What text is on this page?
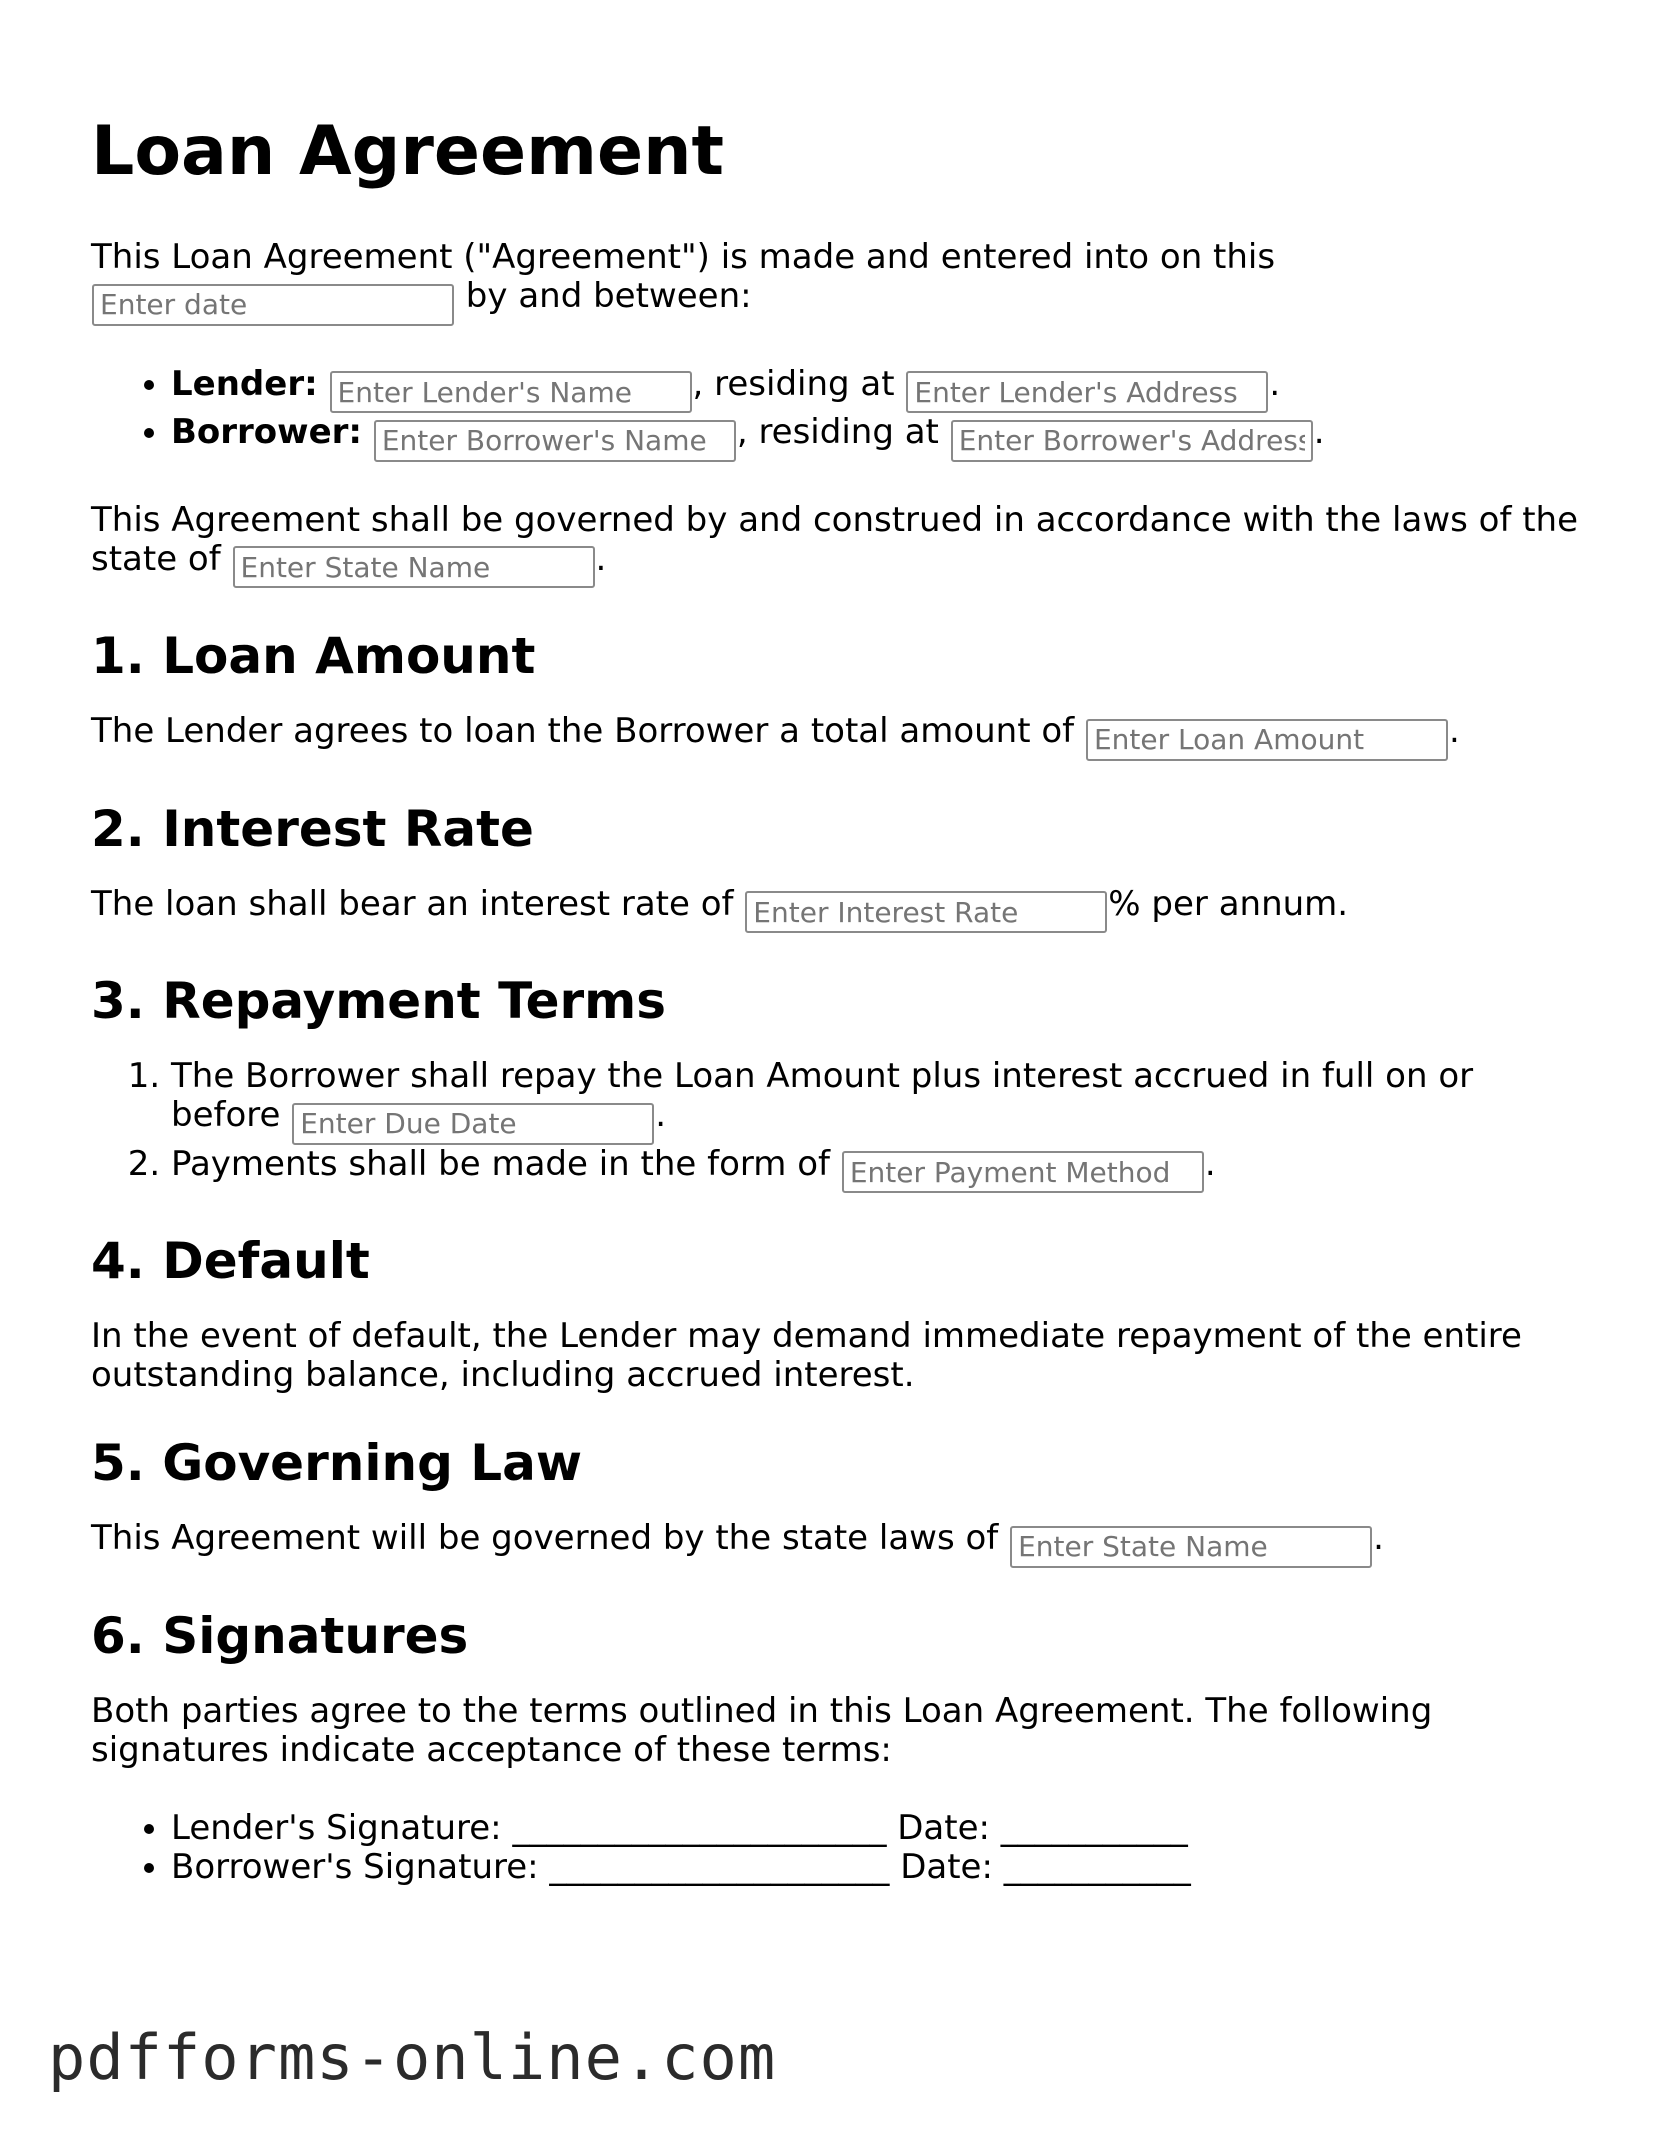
Loan Agreement

This Loan Agreement ("Agreement") is made and entered into on this
Enter date by and between:

• Lender: Enter Lender's Name	, residing at Enter Lender's Address	.
• Borrower: Enter Borrower's Name	, residing at Enter Borrower's Address	.

This Agreement shall be governed by and construed in accordance with the laws of the state of Enter State Name	.

1. Loan Amount

The Lender agrees to loan the Borrower a total amount of Enter Loan Amount	.

2. Interest Rate

The loan shall bear an interest rate of Enter Interest Rate	% per annum.

3. Repayment Terms
1. The Borrower shall repay the Loan Amount plus interest accrued in full on or before Enter Due Date	.
2. Payments shall be made in the form of Enter Payment Method	.
4. Default

In the event of default, the Lender may demand immediate repayment of the entire outstanding balance, including accrued interest.

5. Governing Law

This Agreement will be governed by the state laws of Enter State Name	.

6. Signatures

Both parties agree to the terms outlined in this Loan Agreement. The following signatures indicate acceptance of these terms:

• Lender's Signature: ______________________ Date: ___________
• Borrower's Signature: ____________________ Date: ___________
pdfforms-online.com
